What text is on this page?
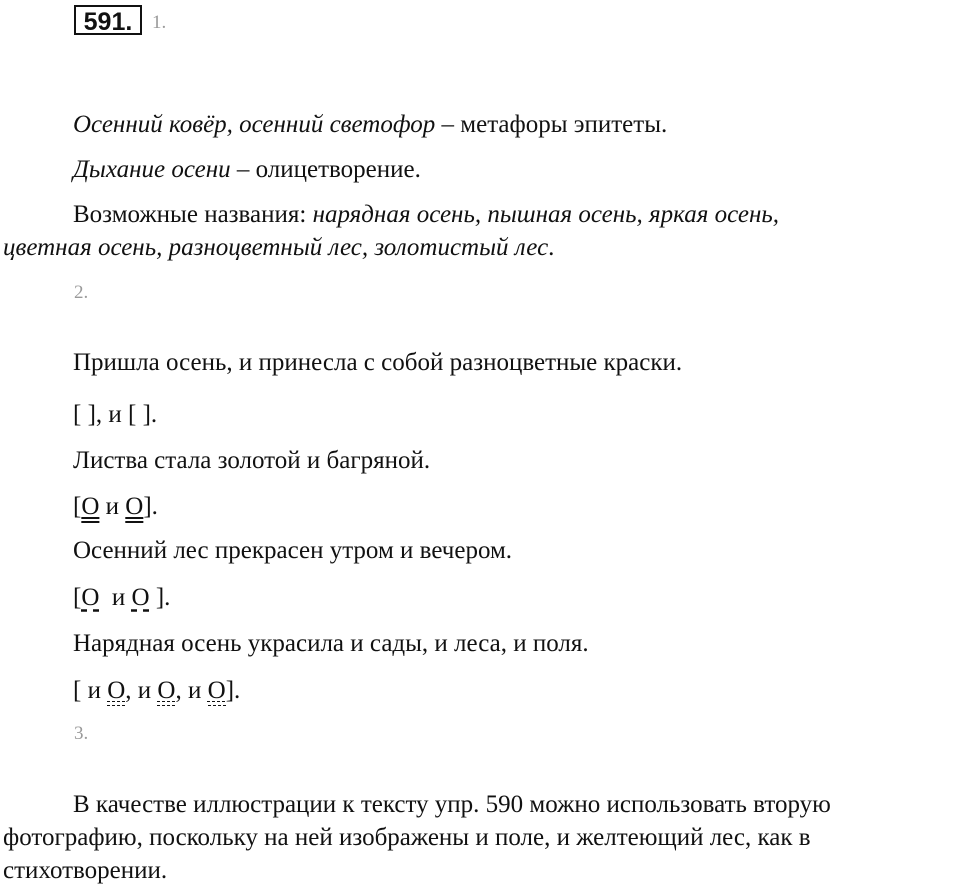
591.	1.
Осенний ковёр, осенний светофор – метафоры эпитеты.
Дыхание осени – олицетворение.
Возможные названия: нарядная осень, пышная осень, яркая осень,
цветная осень, разноцветный лес, золотистый лес.
2.
Пришла осень, и принесла с собой разноцветные краски.
[ ], и [ ].
Листва стала золотой и багряной.
[О и О].
Осенний лес прекрасен утром и вечером.
[О  и О ].
Нарядная осень украсила и сады, и леса, и поля.
[ и О, и О, и О].
3.
В качестве иллюстрации к тексту упр. 590 можно использовать вторую
фотографию, поскольку на ней изображены и поле, и желтеющий лес, как в
стихотворении.
